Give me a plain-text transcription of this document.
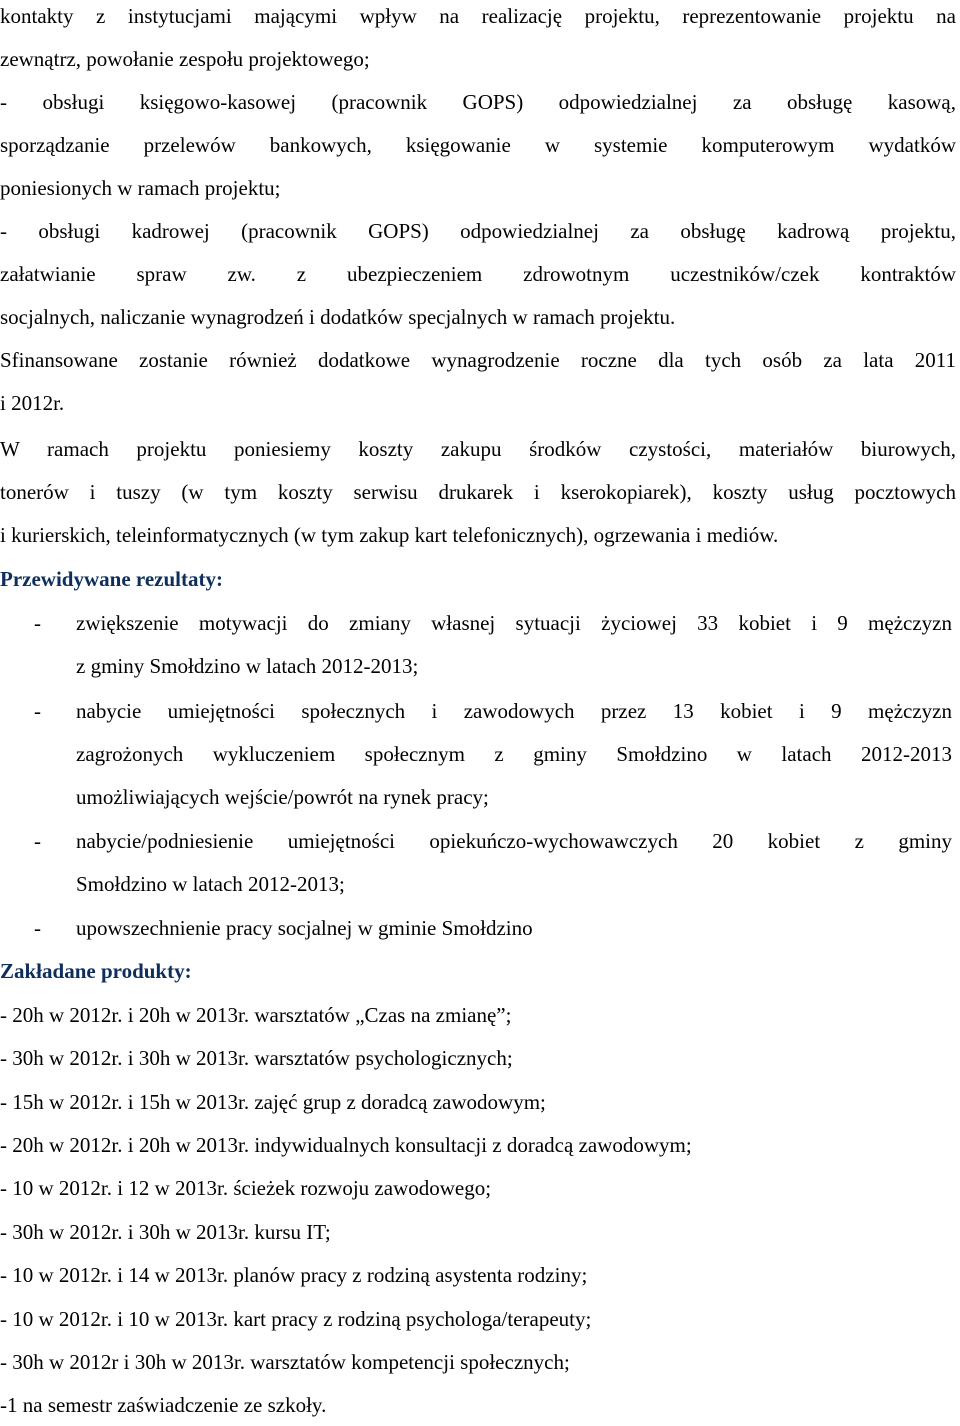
kontakty z instytucjami mającymi wpływ na realizację projektu, reprezentowanie projektu na

zewnątrz, powołanie zespołu projektowego;

- obsługi księgowo-kasowej (pracownik GOPS) odpowiedzialnej za obsługę kasową,

sporządzanie przelewów bankowych, księgowanie w systemie komputerowym wydatków

poniesionych w ramach projektu;

- obsługi kadrowej (pracownik GOPS) odpowiedzialnej za obsługę kadrową projektu,

załatwianie spraw zw. z ubezpieczeniem zdrowotnym uczestników/czek kontraktów

socjalnych, naliczanie wynagrodzeń i dodatków specjalnych w ramach projektu.

Sfinansowane zostanie również dodatkowe wynagrodzenie roczne dla tych osób za lata 2011

i 2012r.

W ramach projektu poniesiemy koszty zakupu środków czystości, materiałów biurowych,

tonerów i tuszy (w tym koszty serwisu drukarek i kserokopiarek), koszty usług pocztowych

i kurierskich, teleinformatycznych (w tym zakup kart telefonicznych), ogrzewania i mediów.

Przewidywane rezultaty:

- zwiększenie motywacji do zmiany własnej sytuacji życiowej 33 kobiet i 9 mężczyzn
z gminy Smołdzino w latach 2012-2013;
- nabycie umiejętności społecznych i zawodowych przez 13 kobiet i 9 mężczyzn
zagrożonych wykluczeniem społecznym z gminy Smołdzino w latach 2012-2013
umożliwiających wejście/powrót na rynek pracy;
- nabycie/podniesienie umiejętności opiekuńczo-wychowawczych 20 kobiet z gminy
Smołdzino w latach 2012-2013;
- upowszechnienie pracy socjalnej w gminie Smołdzino

Zakładane produkty:

- 20h w 2012r. i 20h w 2013r. warsztatów „Czas na zmianę”;

- 30h w 2012r. i 30h w 2013r. warsztatów psychologicznych;

- 15h w 2012r. i 15h w 2013r. zajęć grup z doradcą zawodowym;

- 20h w 2012r. i 20h w 2013r. indywidualnych konsultacji z doradcą zawodowym;

- 10 w 2012r. i 12 w 2013r. ścieżek rozwoju zawodowego;

- 30h w 2012r. i 30h w 2013r. kursu IT;

- 10 w 2012r. i 14 w 2013r. planów pracy z rodziną asystenta rodziny;

- 10 w 2012r. i 10 w 2013r. kart pracy z rodziną psychologa/terapeuty;

- 30h w 2012r i 30h w 2013r. warsztatów kompetencji społecznych;

-1 na semestr zaświadczenie ze szkoły.
